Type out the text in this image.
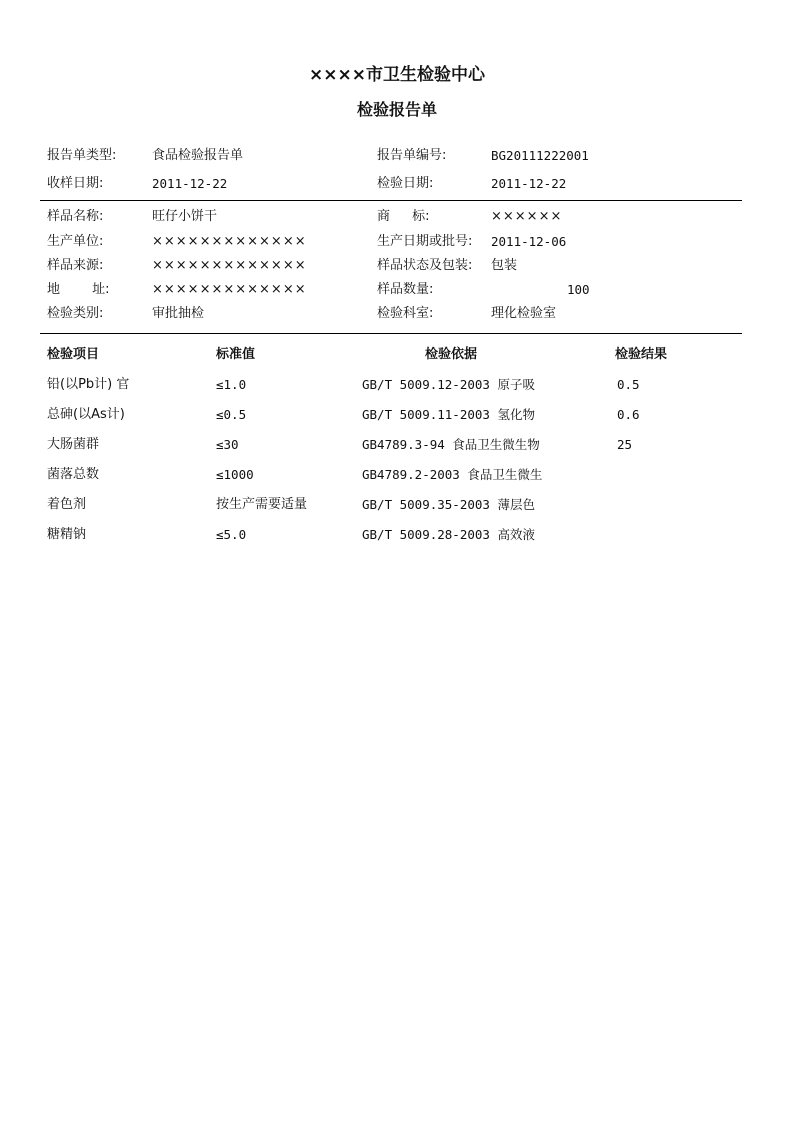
××××市卫生检验中心
检验报告单
报告单类型:	食品检验报告单	报告单编号:	BG20111222001
收样日期:	2011-12-22	检验日期:	2011-12-22
样品名称:	旺仔小饼干	商 标:	××××××
生产单位:	×××××××××××××	生产日期或批号: 2011-12-06
样品来源:	×××××××××××××	样品状态及包装: 包装
地 址:	×××××××××××××	样品数量:	100
检验类别:	审批抽检	检验科室:	理化检验室
检验项目	标准值	检验依据	检验结果
铅(以Pb计) 官	≤1.0	GB/T 5009.12-2003 原子吸	0.5
总砷(以As计)	≤0.5	GB/T 5009.11-2003 氢化物	0.6
大肠菌群	≤30	GB4789.3-94 食品卫生微生物	25
菌落总数	≤1000	GB4789.2-2003 食品卫生微生
着色剂	按生产需要适量	GB/T 5009.35-2003 薄层色
糖精钠	≤5.0	GB/T 5009.28-2003 高效液
